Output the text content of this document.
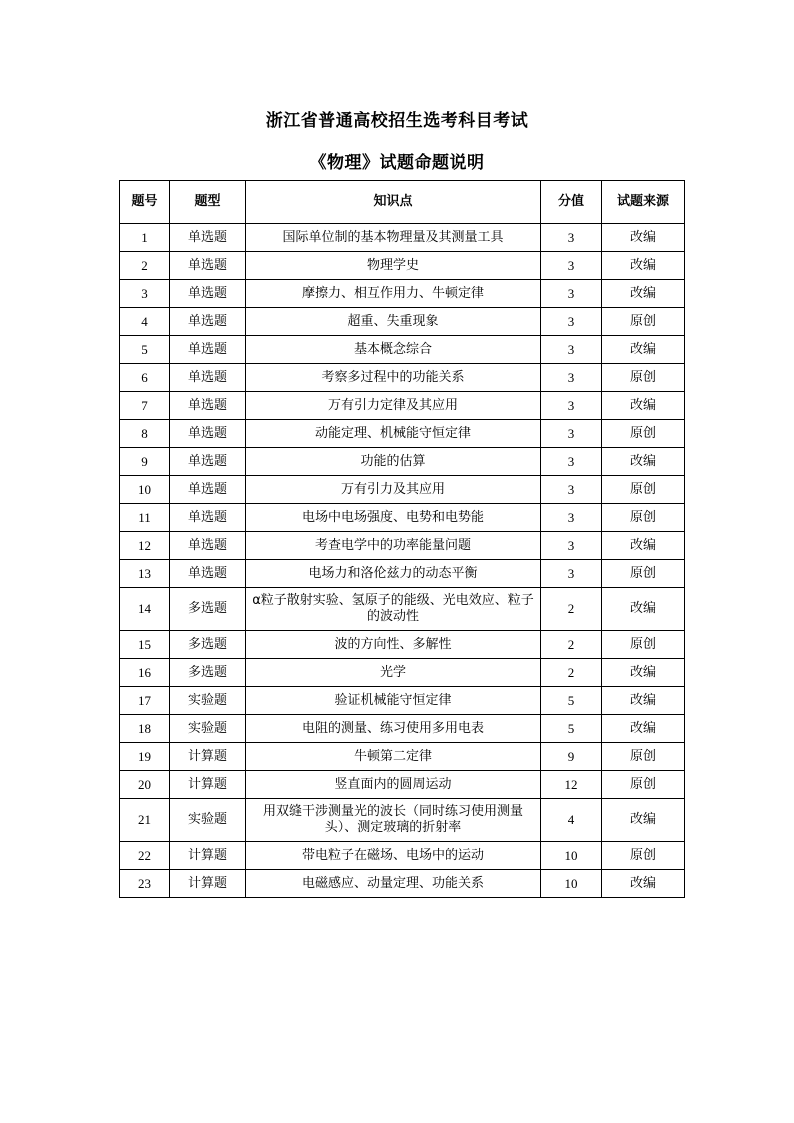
浙江省普通高校招生选考科目考试
《物理》试题命题说明
题号	题型	知识点	分值	试题来源
1	单选题	国际单位制的基本物理量及其测量工具	3	改编
2	单选题	物理学史	3	改编
3	单选题	摩擦力、相互作用力、牛顿定律	3	改编
4	单选题	超重、失重现象	3	原创
5	单选题	基本概念综合	3	改编
6	单选题	考察多过程中的功能关系	3	原创
7	单选题	万有引力定律及其应用	3	改编
8	单选题	动能定理、机械能守恒定律	3	原创
9	单选题	功能的估算	3	改编
10	单选题	万有引力及其应用	3	原创
11	单选题	电场中电场强度、电势和电势能	3	原创
12	单选题	考查电学中的功率能量问题	3	改编
13	单选题	电场力和洛伦兹力的动态平衡	3	原创
14	多选题	α粒子散射实验、氢原子的能级、光电效应、粒子的波动性	2	改编
15	多选题	波的方向性、多解性	2	原创
16	多选题	光学	2	改编
17	实验题	验证机械能守恒定律	5	改编
18	实验题	电阻的测量、练习使用多用电表	5	改编
19	计算题	牛顿第二定律	9	原创
20	计算题	竖直面内的圆周运动	12	原创
21	实验题	用双缝干涉测量光的波长（同时练习使用测量头）、测定玻璃的折射率	4	改编
22	计算题	带电粒子在磁场、电场中的运动	10	原创
23	计算题	电磁感应、动量定理、功能关系	10	改编
